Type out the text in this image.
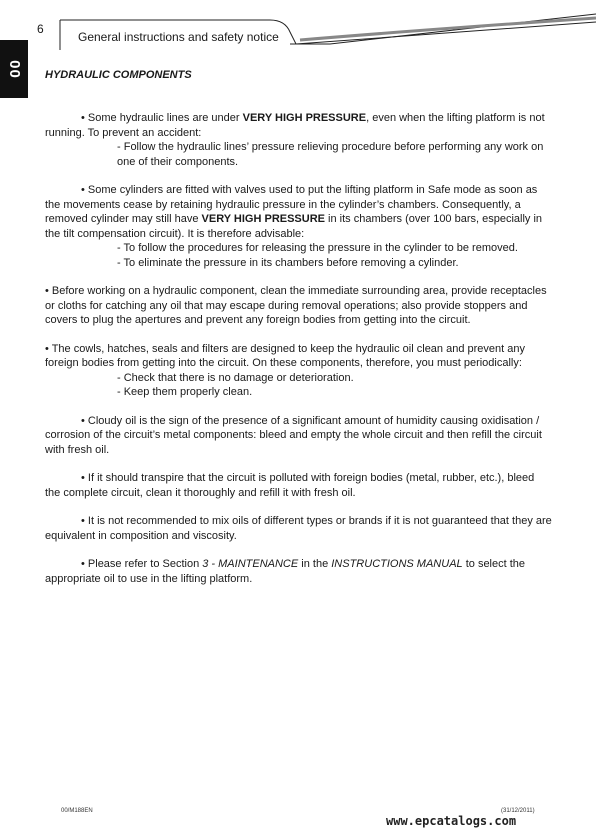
6
General instructions and safety notice
00 HYDRAULIC COMPONENTS

• Some hydraulic lines are under VERY HIGH PRESSURE, even when the lifting platform is not running. To prevent an accident:

- Follow the hydraulic lines’ pressure relieving procedure before performing any work on one of their components.

• Some cylinders are fitted with valves used to put the lifting platform in Safe mode as soon as the movements cease by retaining hydraulic pressure in the cylinder’s chambers. Consequently, a removed cylinder may still have VERY HIGH PRESSURE in its chambers (over 100 bars, especially in the tilt compensation circuit). It is therefore advisable:

- To follow the procedures for releasing the pressure in the cylinder to be removed.

- To eliminate the pressure in its chambers before removing a cylinder.

• Before working on a hydraulic component, clean the immediate surrounding area, provide receptacles or cloths for catching any oil that may escape during removal operations; also provide stoppers and covers to plug the apertures and prevent any foreign bodies from getting into the circuit.

• The cowls, hatches, seals and filters are designed to keep the hydraulic oil clean and prevent any foreign bodies from getting into the circuit. On these components, therefore, you must periodically:

- Check that there is no damage or deterioration.

- Keep them properly clean.

• Cloudy oil is the sign of the presence of a significant amount of humidity causing oxidisation / corrosion of the circuit’s metal components: bleed and empty the whole circuit and then refill the circuit with fresh oil.

• If it should transpire that the circuit is polluted with foreign bodies (metal, rubber, etc.), bleed the complete circuit, clean it thoroughly and refill it with fresh oil.

• It is not recommended to mix oils of different types or brands if it is not guaranteed that they are equivalent in composition and viscosity.

• Please refer to Section 3 - MAINTENANCE in the INSTRUCTIONS MANUAL to select the appropriate oil to use in the lifting platform.

00/M188EN	(31/12/2011)
www.epcatalogs.com
